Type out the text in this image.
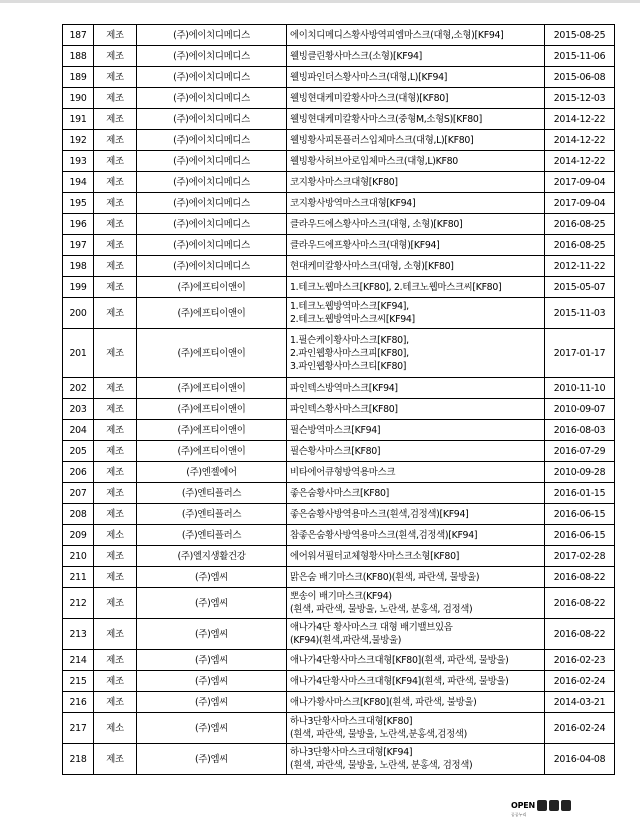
187	제조	(주)에이치디메디스	에이치디메디스황사방역피엠마스크(대형,소형)[KF94]	2015-08-25
188	제조	(주)에이치디메디스	웰빙클린황사마스크(소형)[KF94]	2015-11-06
189	제조	(주)에이치디메디스	웰빙파인더스황사마스크(대형,L)[KF94]	2015-06-08
190	제조	(주)에이치디메디스	웰빙현대케미칼황사마스크(대형)[KF80]	2015-12-03
191	제조	(주)에이치디메디스	웰빙현대케미칼황사마스크(중형M,소형S)[KF80]	2014-12-22
192	제조	(주)에이치디메디스	웰빙황사피톤플러스입체마스크(대형,L)[KF80]	2014-12-22
193	제조	(주)에이치디메디스	웰빙황사허브아로입체마스크(대형,L)KF80	2014-12-22
194	제조	(주)에이치디메디스	코지황사마스크대형[KF80]	2017-09-04
195	제조	(주)에이치디메디스	코지황사방역마스크대형[KF94]	2017-09-04
196	제조	(주)에이치디메디스	클라우드에스황사마스크(대형, 소형)[KF80]	2016-08-25
197	제조	(주)에이치디메디스	클라우드에프황사마스크(대형)[KF94]	2016-08-25
198	제조	(주)에이치디메디스	현대케미칼황사마스크(대형, 소형)[KF80]	2012-11-22
199	제조	(주)에프티이앤이	1.테크노웹마스크[KF80], 2.테크노웹마스크씨[KF80]	2015-05-07
200	제조	(주)에프티이앤이	1.테크노웹방역마스크[KF94],
2.테크노웹방역마스크씨[KF94]	2015-11-03
201	제조	(주)에프티이앤이	1.필슨케이황사마스크[KF80],
2.파인웹황사마스크피[KF80],
3.파인웹황사마스크티[KF80]	2017-01-17
202	제조	(주)에프티이앤이	파인텍스방역마스크[KF94]	2010-11-10
203	제조	(주)에프티이앤이	파인텍스황사마스크[KF80]	2010-09-07
204	제조	(주)에프티이앤이	필슨방역마스크[KF94]	2016-08-03
205	제조	(주)에프티이앤이	필슨황사마스크[KF80]	2016-07-29
206	제조	(주)엔젤에어	비타에어큐형방역용마스크	2010-09-28
207	제조	(주)엔티플러스	좋은숨황사마스크[KF80]	2016-01-15
208	제조	(주)엔티플러스	좋은숨황사방역용마스크(흰색,검정색)[KF94]	2016-06-15
209	제소	(주)엔티플러스	참좋은숨황사방역용마스크(흰색,검정색)[KF94]	2016-06-15
210	제조	(주)엘지생활건강	에어워셔필터교체형황사마스크소형[KF80]	2017-02-28
211	제조	(주)엠씨	맑은숨 배기마스크(KF80)(흰색, 파란색, 물방울)	2016-08-22
212	제조	(주)엠씨	뽀송이 배기마스크(KF94)
(흰색, 파란색, 물방울, 노란색, 분홍색, 검정색)	2016-08-22
213	제조	(주)엠씨	애나가4단 황사마스크 대형 배기밸브있음
(KF94)(흰색,파란색,물방울)	2016-08-22
214	제조	(주)엠씨	애나가4단황사마스크대형[KF80](흰색, 파란색, 물방울)	2016-02-23
215	제조	(주)엠씨	애나가4단황사마스크대형[KF94](흰색, 파란색, 물방울)	2016-02-24
216	제조	(주)엠씨	애나가황사마스크[KF80](흰색, 파란색, 불방울)	2014-03-21
217	제소	(주)엠씨	하나3단황사마스크대형[KF80]
(흰색, 파란색, 물방울, 노란색,분홍색,검정색)	2016-02-24
218	제조	(주)엠씨	하나3단황사마스크대형[KF94]
(흰색, 파란색, 물방울, 노란색, 분홍색, 검정색)	2016-04-08
OPEN
공공누리
